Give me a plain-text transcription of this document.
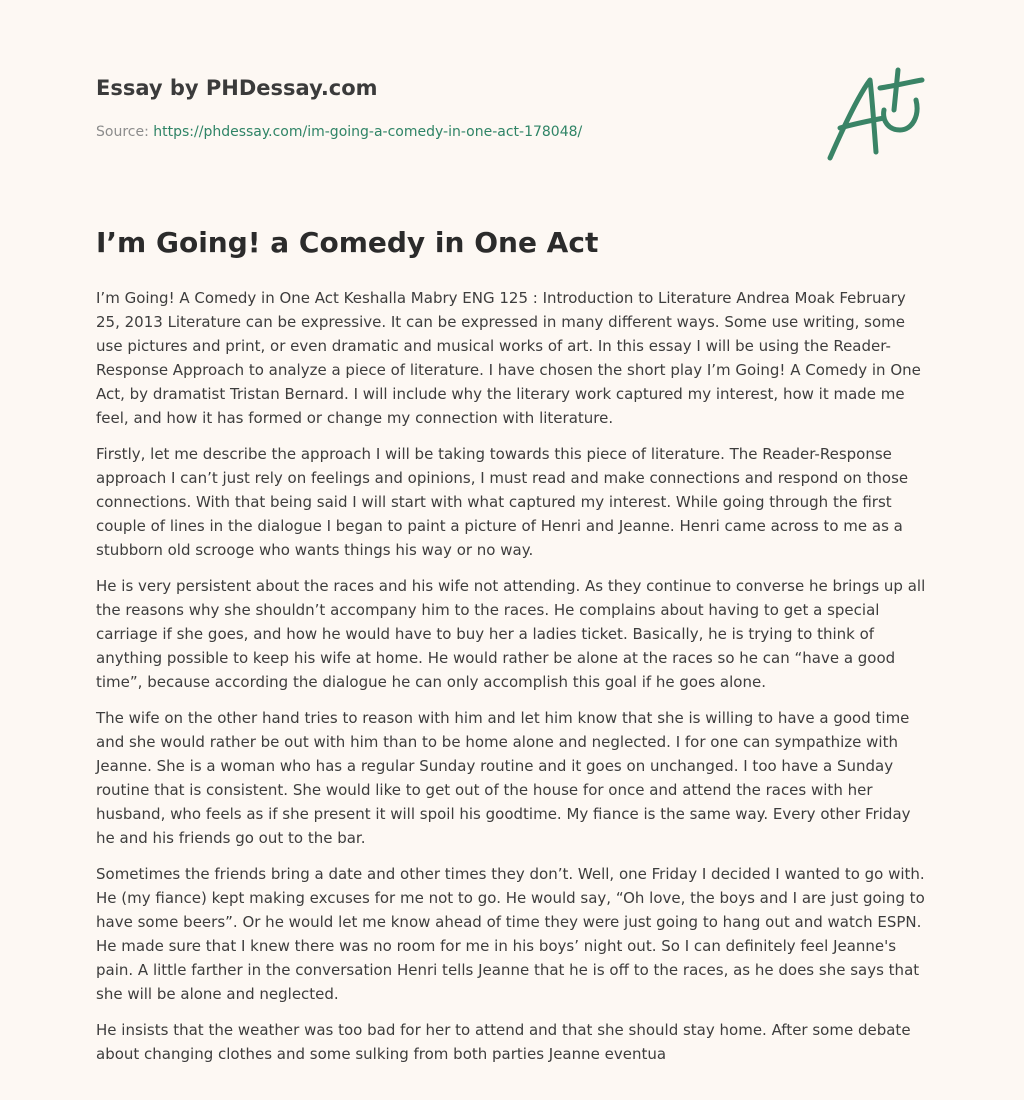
Essay by PHDessay.com
Source: https://phdessay.com/im-going-a-comedy-in-one-act-178048/
I’m Going! a Comedy in One Act

I’m Going! A Comedy in One Act Keshalla Mabry ENG 125 : Introduction to Literature Andrea Moak February 25, 2013 Literature can be expressive. It can be expressed in many different ways. Some use writing, some use pictures and print, or even dramatic and musical works of art. In this essay I will be using the Reader-Response Approach to analyze a piece of literature. I have chosen the short play I’m Going! A Comedy in One Act, by dramatist Tristan Bernard. I will include why the literary work captured my interest, how it made me feel, and how it has formed or change my connection with literature.

Firstly, let me describe the approach I will be taking towards this piece of literature. The Reader-Response approach I can’t just rely on feelings and opinions, I must read and make connections and respond on those connections. With that being said I will start with what captured my interest. While going through the first couple of lines in the dialogue I began to paint a picture of Henri and Jeanne. Henri came across to me as a stubborn old scrooge who wants things his way or no way.

He is very persistent about the races and his wife not attending. As they continue to converse he brings up all the reasons why she shouldn’t accompany him to the races. He complains about having to get a special carriage if she goes, and how he would have to buy her a ladies ticket. Basically, he is trying to think of anything possible to keep his wife at home. He would rather be alone at the races so he can “have a good time”, because according the dialogue he can only accomplish this goal if he goes alone.

The wife on the other hand tries to reason with him and let him know that she is willing to have a good time and she would rather be out with him than to be home alone and neglected. I for one can sympathize with Jeanne. She is a woman who has a regular Sunday routine and it goes on unchanged. I too have a Sunday routine that is consistent. She would like to get out of the house for once and attend the races with her husband, who feels as if she present it will spoil his goodtime. My fiance is the same way. Every other Friday he and his friends go out to the bar.

Sometimes the friends bring a date and other times they don’t. Well, one Friday I decided I wanted to go with. He (my fiance) kept making excuses for me not to go. He would say, “Oh love, the boys and I are just going to have some beers”. Or he would let me know ahead of time they were just going to hang out and watch ESPN. He made sure that I knew there was no room for me in his boys’ night out. So I can definitely feel Jeanne's pain. A little farther in the conversation Henri tells Jeanne that he is off to the races, as he does she says that she will be alone and neglected.

He insists that the weather was too bad for her to attend and that she should stay home. After some debate about changing clothes and some sulking from both parties Jeanne eventua
